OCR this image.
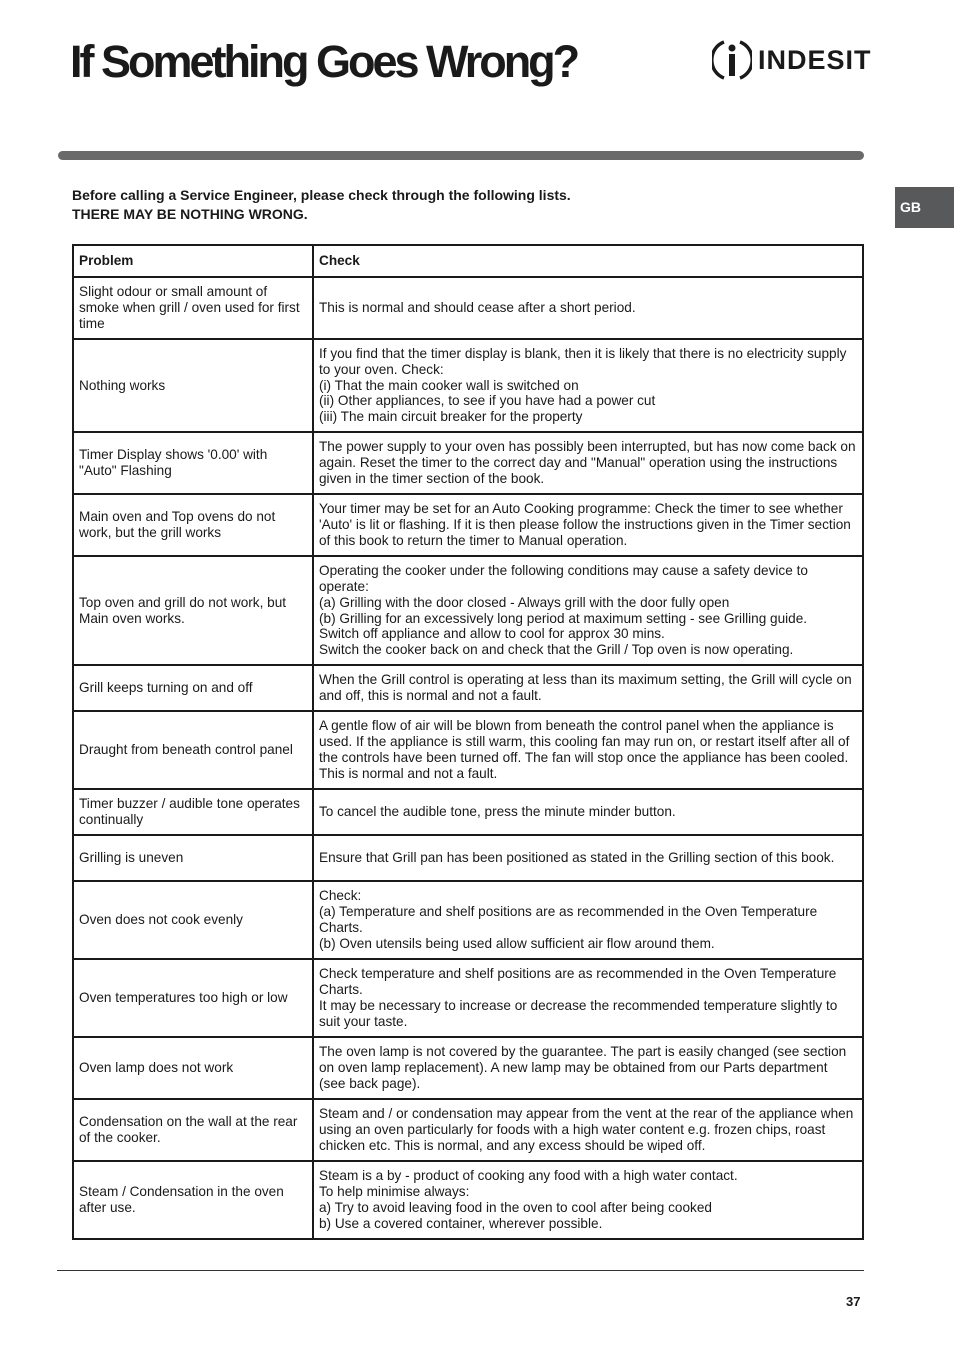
If Something Goes Wrong?	INDESIT
GB
Before calling a Service Engineer, please check through the following lists.
THERE MAY BE NOTHING WRONG.
Problem	Check
Slight odour or small amount of smoke when grill / oven used for first time	This is normal and should cease after a short period.

Nothing works	If you find that the timer display is blank, then it is likely that there is no electricity supply to your oven. Check:
(i) That the main cooker wall is switched on
(ii) Other appliances, to see if you have had a power cut
(iii) The main circuit breaker for the property

Timer Display shows '0.00' with "Auto" Flashing	The power supply to your oven has possibly been interrupted, but has now come back on again. Reset the timer to the correct day and "Manual" operation using the instructions given in the timer section of the book.

Main oven and Top ovens do not work, but the grill works	Your timer may be set for an Auto Cooking programme: Check the timer to see whether 'Auto' is lit or flashing. If it is then please follow the instructions given in the Timer section of this book to return the timer to Manual operation.

Top oven and grill do not work, but Main oven works.	Operating the cooker under the following conditions may cause a safety device to operate:
(a) Grilling with the door closed - Always grill with the door fully open
(b) Grilling for an excessively long period at maximum setting - see Grilling guide.
Switch off appliance and allow to cool for approx 30 mins.
Switch the cooker back on and check that the Grill / Top oven is now operating.

Grill keeps turning on and off	When the Grill control is operating at less than its maximum setting, the Grill will cycle on and off, this is normal and not a fault.

Draught from beneath control panel	A gentle flow of air will be blown from beneath the control panel when the appliance is used. If the appliance is still warm, this cooling fan may run on, or restart itself after all of the controls have been turned off. The fan will stop once the appliance has been cooled. This is normal and not a fault.

Timer buzzer / audible tone operates continually	To cancel the audible tone, press the minute minder button.

Grilling is uneven	Ensure that Grill pan has been positioned as stated in the Grilling section of this book.

Oven does not cook evenly	Check:
(a) Temperature and shelf positions are as recommended in the Oven Temperature Charts.
(b) Oven utensils being used allow sufficient air flow around them.

Oven temperatures too high or low	Check temperature and shelf positions are as recommended in the Oven Temperature Charts.
It may be necessary to increase or decrease the recommended temperature slightly to suit your taste.

Oven lamp does not work	The oven lamp is not covered by the guarantee. The part is easily changed (see section on oven lamp replacement). A new lamp may be obtained from our Parts department (see back page).

Condensation on the wall at the rear of the cooker.	Steam and / or condensation may appear from the vent at the rear of the appliance when using an oven particularly for foods with a high water content e.g. frozen chips, roast chicken etc. This is normal, and any excess should be wiped off.

Steam / Condensation in the oven after use.	Steam is a by - product of cooking any food with a high water contact.
To help minimise always:
a) Try to avoid leaving food in the oven to cool after being cooked
b) Use a covered container, wherever possible.
37
